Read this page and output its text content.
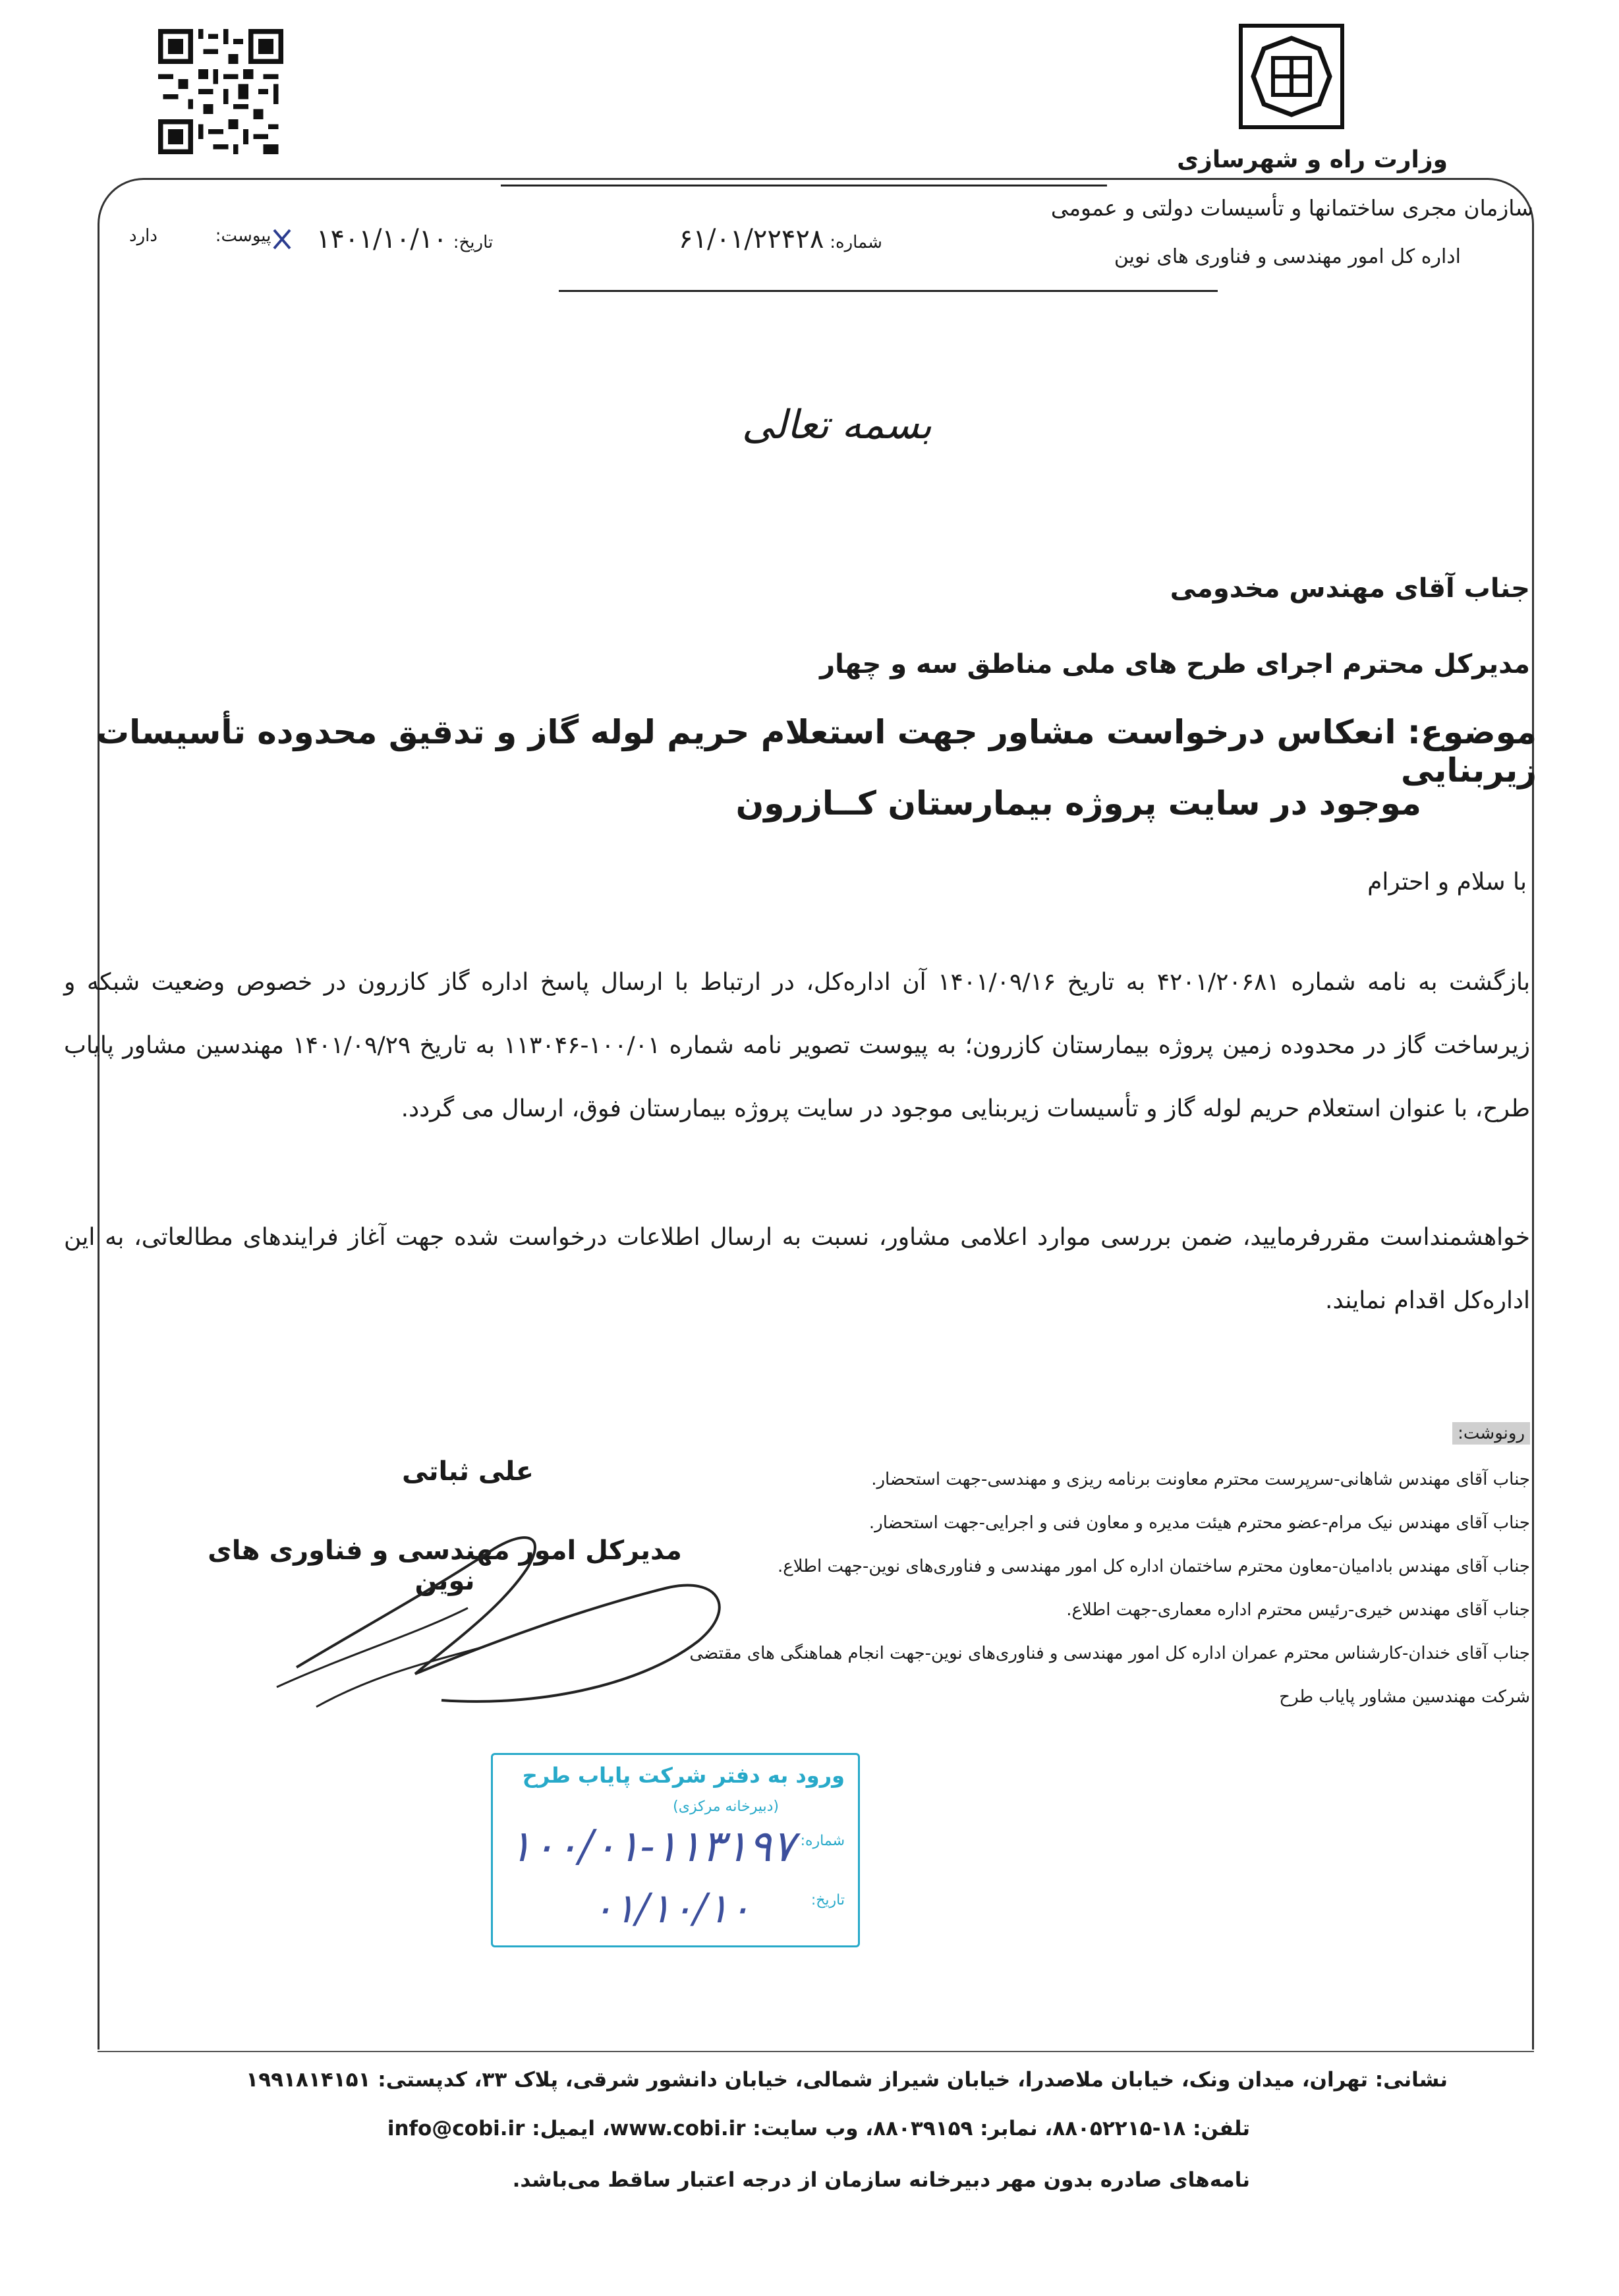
وزارت راه و شهرسازی
سازمان مجری ساختمانها و تأسیسات دولتی و عمومی
اداره کل امور مهندسی و فناوری های نوین
شماره: ۶۱/۰۱/۲۲۴۲۸
تاریخ: ۱۴۰۱/۱۰/۱۰
پیوست:  دارد
بسمه تعالی
جناب آقای مهندس مخدومی
مدیرکل محترم اجرای طرح های ملی مناطق سه و چهار
موضوع: انعکاس درخواست مشاور جهت استعلام حریم لوله گاز و تدقیق محدوده تأسیسات زیربنایی
موجود در سایت پروژه بیمارستان کــازرون
با سلام و احترام
بازگشت به نامه شماره ۴۲۰۱/۲۰۶۸۱ به تاریخ ۱۴۰۱/۰۹/۱۶ آن اداره‌کل، در ارتباط با ارسال پاسخ اداره گاز کازرون در خصوص وضعیت شبکه و زیرساخت گاز در محدوده زمین پروژه بیمارستان کازرون؛ به پیوست تصویر نامه شماره ۱۰۰/۰۱-۱۱۳۰۴۶ به تاریخ ۱۴۰۱/۰۹/۲۹ مهندسین مشاور پایاب طرح، با عنوان استعلام حریم لوله گاز و تأسیسات زیربنایی موجود در سایت پروژه بیمارستان فوق، ارسال می گردد.
خواهشمنداست مقررفرمایید، ضمن بررسی موارد اعلامی مشاور، نسبت به ارسال اطلاعات درخواست شده جهت آغاز فرایندهای مطالعاتی، به این اداره‌کل اقدام نمایند.
علی ثباتی
مدیرکل امور مهندسی و فناوری های نوین
رونوشت:
جناب آقای مهندس شاهانی-سرپرست محترم معاونت برنامه ریزی و مهندسی-جهت استحضار.
جناب آقای مهندس نیک مرام-عضو محترم هیئت مدیره و معاون فنی و اجرایی-جهت استحضار.
جناب آقای مهندس بادامیان-معاون محترم ساختمان اداره کل امور مهندسی و فناوری‌های نوین-جهت اطلاع.
جناب آقای مهندس خیری-رئیس محترم اداره معماری-جهت اطلاع.
جناب آقای خندان-کارشناس محترم عمران اداره کل امور مهندسی و فناوری‌های نوین-جهت انجام هماهنگی های مقتضی
شرکت مهندسین مشاور پایاب طرح
ورود به دفتر شرکت پایاب طرح
(دبیرخانه مرکزی)
شماره:
۱۰۰/۰۱-۱۱۳۱۹۷
تاریخ:
۰۱/۱۰/۱۰
نشانی: تهران، میدان ونک، خیابان ملاصدرا، خیابان شیراز شمالی، خیابان دانشور شرقی، پلاک ۳۳، کدپستی: ۱۹۹۱۸۱۴۱۵۱
تلفن: ۱۸-۸۸۰۵۲۲۱۵، نمابر: ۸۸۰۳۹۱۵۹، وب سایت: www.cobi.ir، ایمیل: info@cobi.ir
نامه‌های صادره بدون مهر دبیرخانه سازمان از درجه اعتبار ساقط می‌باشد.
